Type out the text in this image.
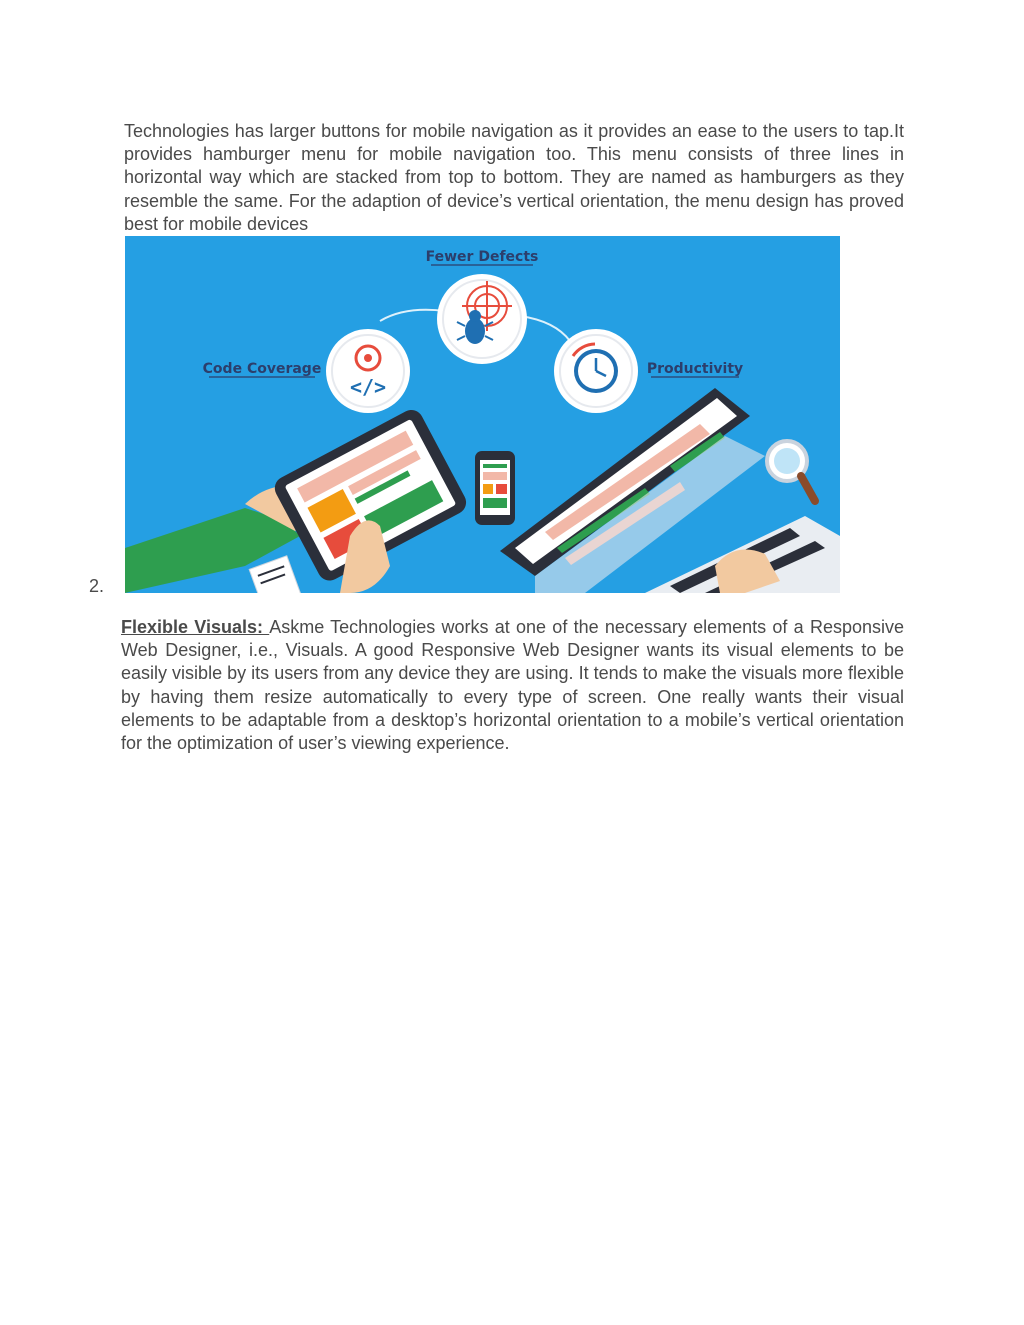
Technologies has larger buttons for mobile navigation as it provides an ease to the users to tap.It provides hamburger menu for mobile navigation too. This menu consists of three lines in horizontal way which are stacked from top to bottom. They are named as hamburgers as they resemble the same. For the adaption of device’s vertical orientation, the menu design has proved best for mobile devices

Fewer Defects
Code Coverage	Productivity
</>
2.

Flexible Visuals: Askme Technologies works at one of the necessary elements of a Responsive Web Designer, i.e., Visuals. A good Responsive Web Designer wants its visual elements to be easily visible by its users from any device they are using. It tends to make the visuals more flexible by having them resize automatically to every type of screen. One really wants their visual elements to be adaptable from a desktop’s horizontal orientation to a mobile’s vertical orientation for the optimization of user’s viewing experience.
